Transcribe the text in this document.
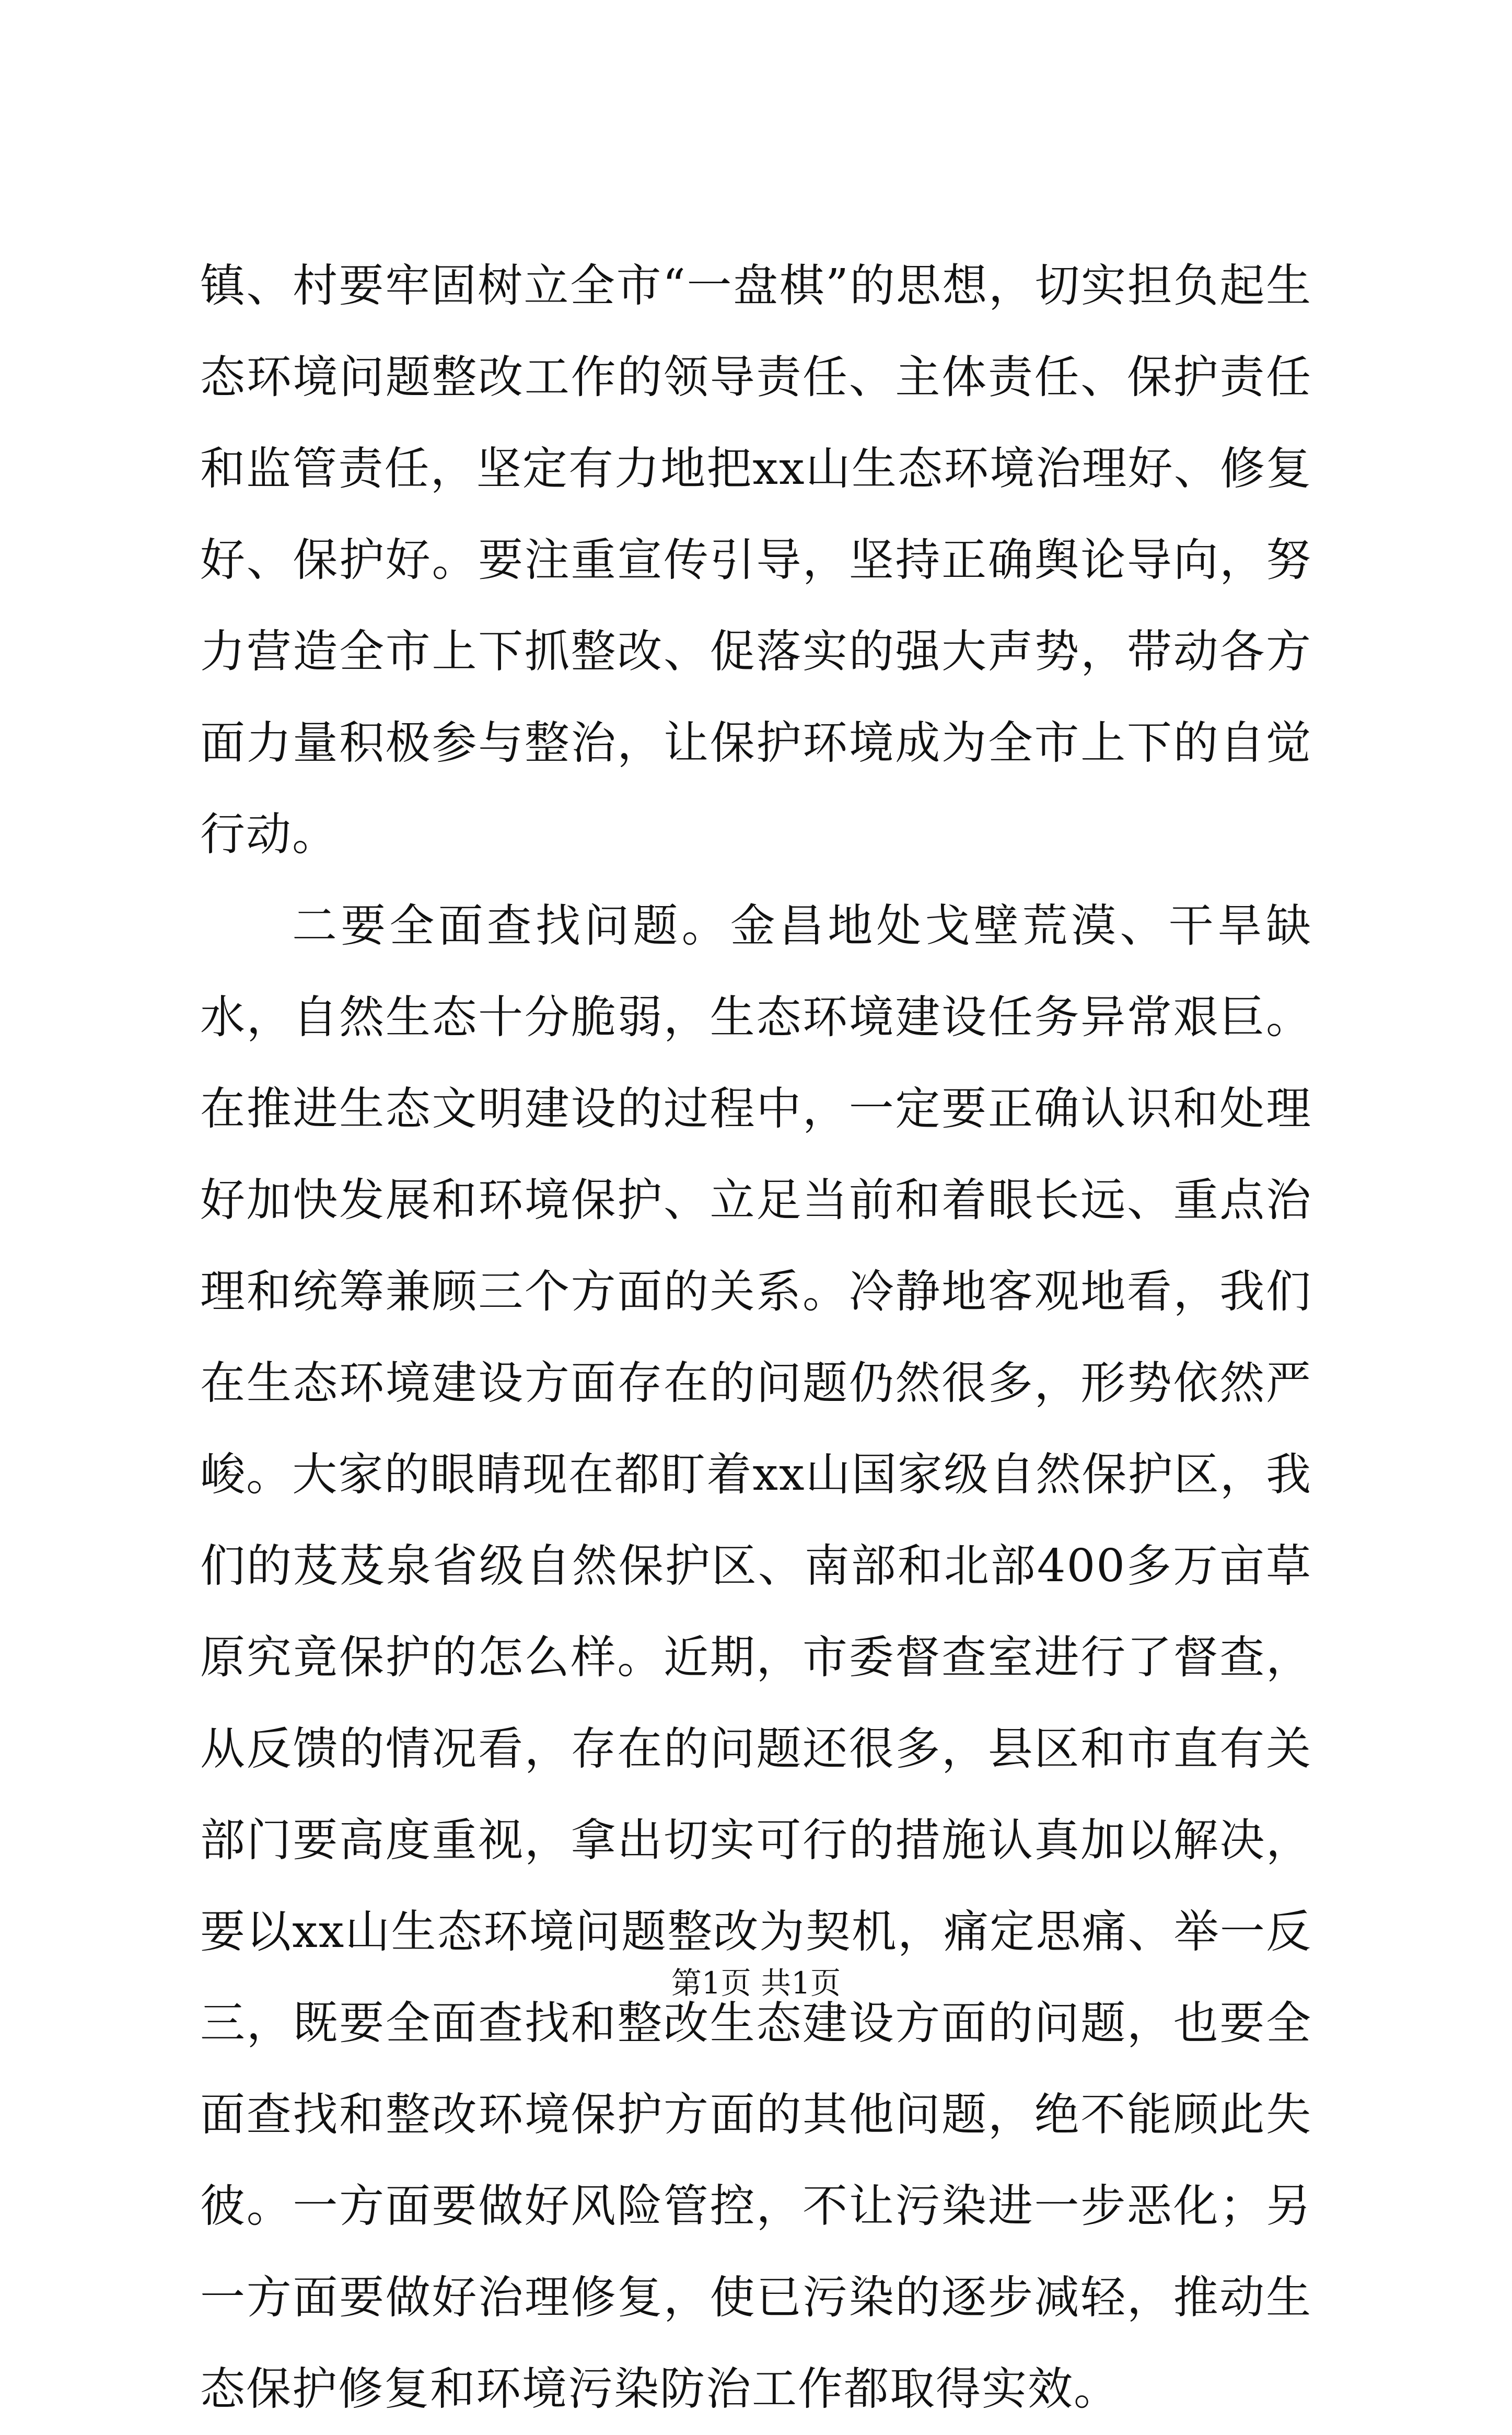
镇、村要牢固树立全市“一盘棋”的思想，切实担负起生态环境问题整改工作的领导责任、主体责任、保护责任和监管责任，坚定有力地把xx山生态环境治理好、修复好、保护好。要注重宣传引导，坚持正确舆论导向，努力营造全市上下抓整改、促落实的强大声势，带动各方面力量积极参与整治，让保护环境成为全市上下的自觉行动。

二要全面查找问题。金昌地处戈壁荒漠、干旱缺水，自然生态十分脆弱，生态环境建设任务异常艰巨。在推进生态文明建设的过程中，一定要正确认识和处理好加快发展和环境保护、立足当前和着眼长远、重点治理和统筹兼顾三个方面的关系。冷静地客观地看，我们在生态环境建设方面存在的问题仍然很多，形势依然严峻。大家的眼睛现在都盯着xx山国家级自然保护区，我们的芨芨泉省级自然保护区、南部和北部400多万亩草原究竟保护的怎么样。近期，市委督查室进行了督查，从反馈的情况看，存在的问题还很多，县区和市直有关部门要高度重视，拿出切实可行的措施认真加以解决，要以xx山生态环境问题整改为契机，痛定思痛、举一反三，既要全面查找和整改生态建设方面的问题，也要全面查找和整改环境保护方面的其他问题，绝不能顾此失彼。一方面要做好风险管控，不让污染进一步恶化；另一方面要做好治理修复，使已污染的逐步减轻，推动生态保护修复和环境污染防治工作都取得实效。

第1页 共1页
